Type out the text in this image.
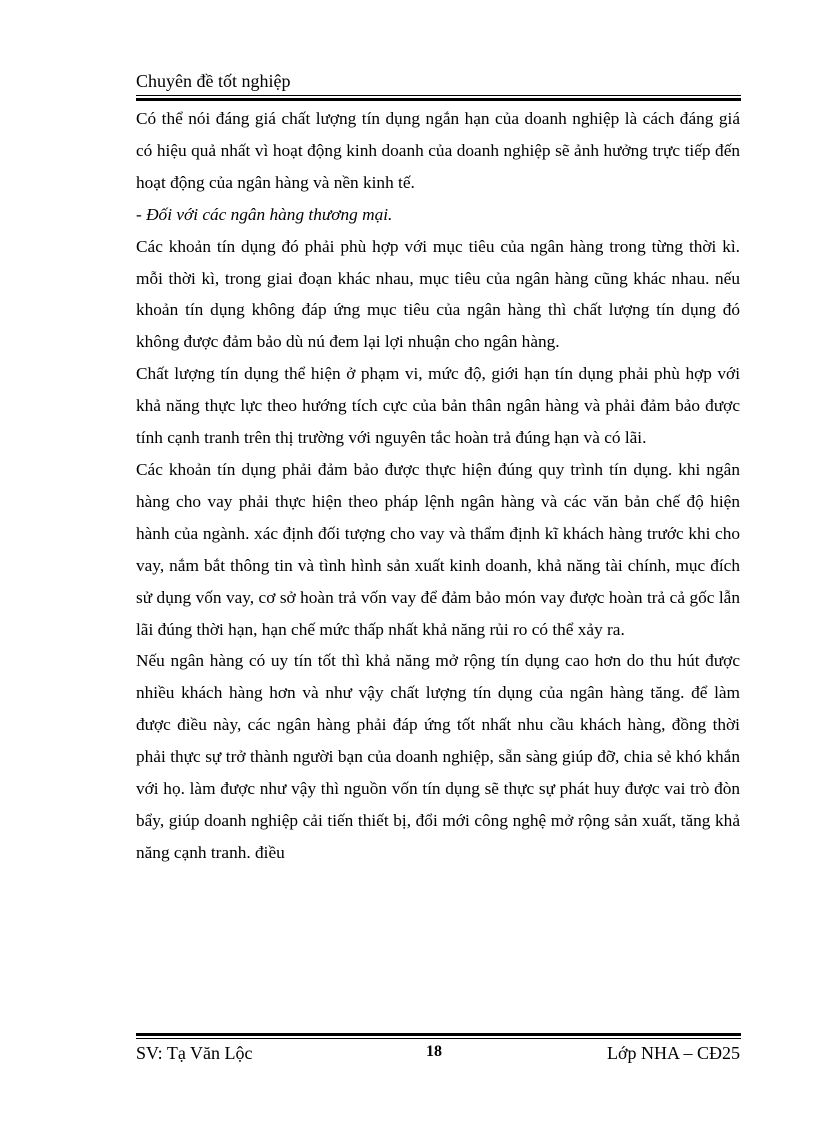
Chuyên đề tốt nghiệp

Có thể nói đáng giá chất lượng tín dụng ngắn hạn của doanh nghiệp là cách đáng giá có hiệu quả nhất vì hoạt động kinh doanh của doanh nghiệp sẽ ảnh hưởng trực tiếp đến hoạt động của ngân hàng và nền kinh tế.

- Đối với các ngân hàng thương mại.

Các khoản tín dụng đó phải phù hợp với mục tiêu của ngân hàng trong từng thời kì. mỗi thời kì, trong giai đoạn khác nhau, mục tiêu của ngân hàng cũng khác nhau. nếu khoản tín dụng không đáp ứng mục tiêu của ngân hàng thì chất lượng tín dụng đó không được đảm bảo dù nú đem lại lợi nhuận cho ngân hàng.

Chất lượng tín dụng thể hiện ở phạm vi, mức độ, giới hạn tín dụng phải phù hợp với khả năng thực lực theo hướng tích cực của bản thân ngân hàng và phải đảm bảo được tính cạnh tranh trên thị trường với nguyên tắc hoàn trả đúng hạn và có lãi.

Các khoản tín dụng phải đảm bảo được thực hiện đúng quy trình tín dụng. khi ngân hàng cho vay phải thực hiện theo pháp lệnh ngân hàng và các văn bản chế độ hiện hành của ngành. xác định đối tượng cho vay và thẩm định kĩ khách hàng trước khi cho vay, nắm bắt thông tin và tình hình sản xuất kinh doanh, khả năng tài chính, mục đích sử dụng vốn vay, cơ sở hoàn trả vốn vay để đảm bảo món vay được hoàn trả cả gốc lẫn lãi đúng thời hạn, hạn chế mức thấp nhất khả năng rủi ro có thể xảy ra.

Nếu ngân hàng có uy tín tốt thì khả năng mở rộng tín dụng cao hơn do thu hút được nhiều khách hàng hơn và như vậy chất lượng tín dụng của ngân hàng tăng. để làm được điều này, các ngân hàng phải đáp ứng tốt nhất nhu cầu khách hàng, đồng thời phải thực sự trở thành người bạn của doanh nghiệp, sẵn sàng giúp đỡ, chia sẻ khó khắn với họ. làm được như vậy thì nguồn vốn tín dụng sẽ thực sự phát huy được vai trò đòn bẩy, giúp doanh nghiệp cải tiến thiết bị, đổi mới công nghệ mở rộng sản xuất, tăng khả năng cạnh tranh. điều

SV: Tạ Văn Lộc	18	Lớp NHA – CĐ25
